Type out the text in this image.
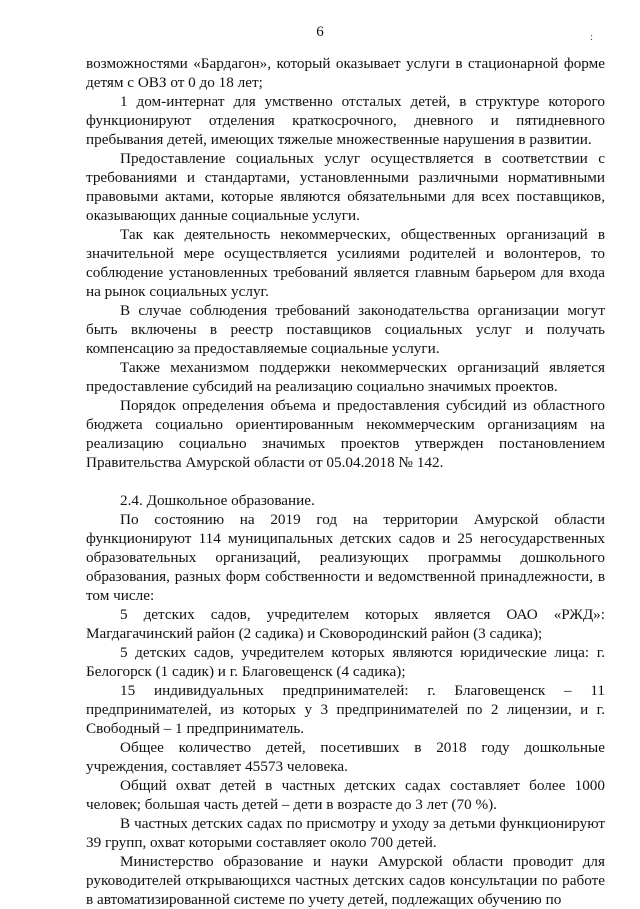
6	:

возможностями «Бардагон», который оказывает услуги в стационарной форме детям с ОВЗ от 0 до 18 лет;

1 дом-интернат для умственно отсталых детей, в структуре которого функционируют отделения краткосрочного, дневного и пятидневного пребывания детей, имеющих тяжелые множественные нарушения в развитии.

Предоставление социальных услуг осуществляется в соответствии с требованиями и стандартами, установленными различными нормативными правовыми актами, которые являются обязательными для всех поставщиков, оказывающих данные социальные услуги.

Так как деятельность некоммерческих, общественных организаций в значительной мере осуществляется усилиями родителей и волонтеров, то соблюдение установленных требований является главным барьером для входа на рынок социальных услуг.

В случае соблюдения требований законодательства организации могут быть включены в реестр поставщиков социальных услуг и получать компенсацию за предоставляемые социальные услуги.

Также механизмом поддержки некоммерческих организаций является предоставление субсидий на реализацию социально значимых проектов.

Порядок определения объема и предоставления субсидий из областного бюджета социально ориентированным некоммерческим организациям на реализацию социально значимых проектов утвержден постановлением Правительства Амурской области от 05.04.2018 № 142.

2.4. Дошкольное образование.

По состоянию на 2019 год на территории Амурской области функционируют 114 муниципальных детских садов и 25 негосударственных образовательных организаций, реализующих программы дошкольного образования, разных форм собственности и ведомственной принадлежности, в том числе:

5 детских садов, учредителем которых является ОАО «РЖД»: Магдагачинский район (2 садика) и Сковородинский район (3 садика);

5 детских садов, учредителем которых являются юридические лица: г. Белогорск (1 садик) и г. Благовещенск (4 садика);

15 индивидуальных предпринимателей: г. Благовещенск – 11 предпринимателей, из которых у 3 предпринимателей по 2 лицензии, и г. Свободный – 1 предприниматель.

Общее количество детей, посетивших в 2018 году дошкольные учреждения, составляет 45573 человека.

Общий охват детей в частных детских садах составляет более 1000 человек; большая часть детей – дети в возрасте до 3 лет (70 %).

В частных детских садах по присмотру и уходу за детьми функционируют 39 групп, охват которыми составляет около 700 детей.

Министерство образование и науки Амурской области проводит для руководителей открывающихся частных детских садов консультации по работе в автоматизированной системе по учету детей, подлежащих обучению по
